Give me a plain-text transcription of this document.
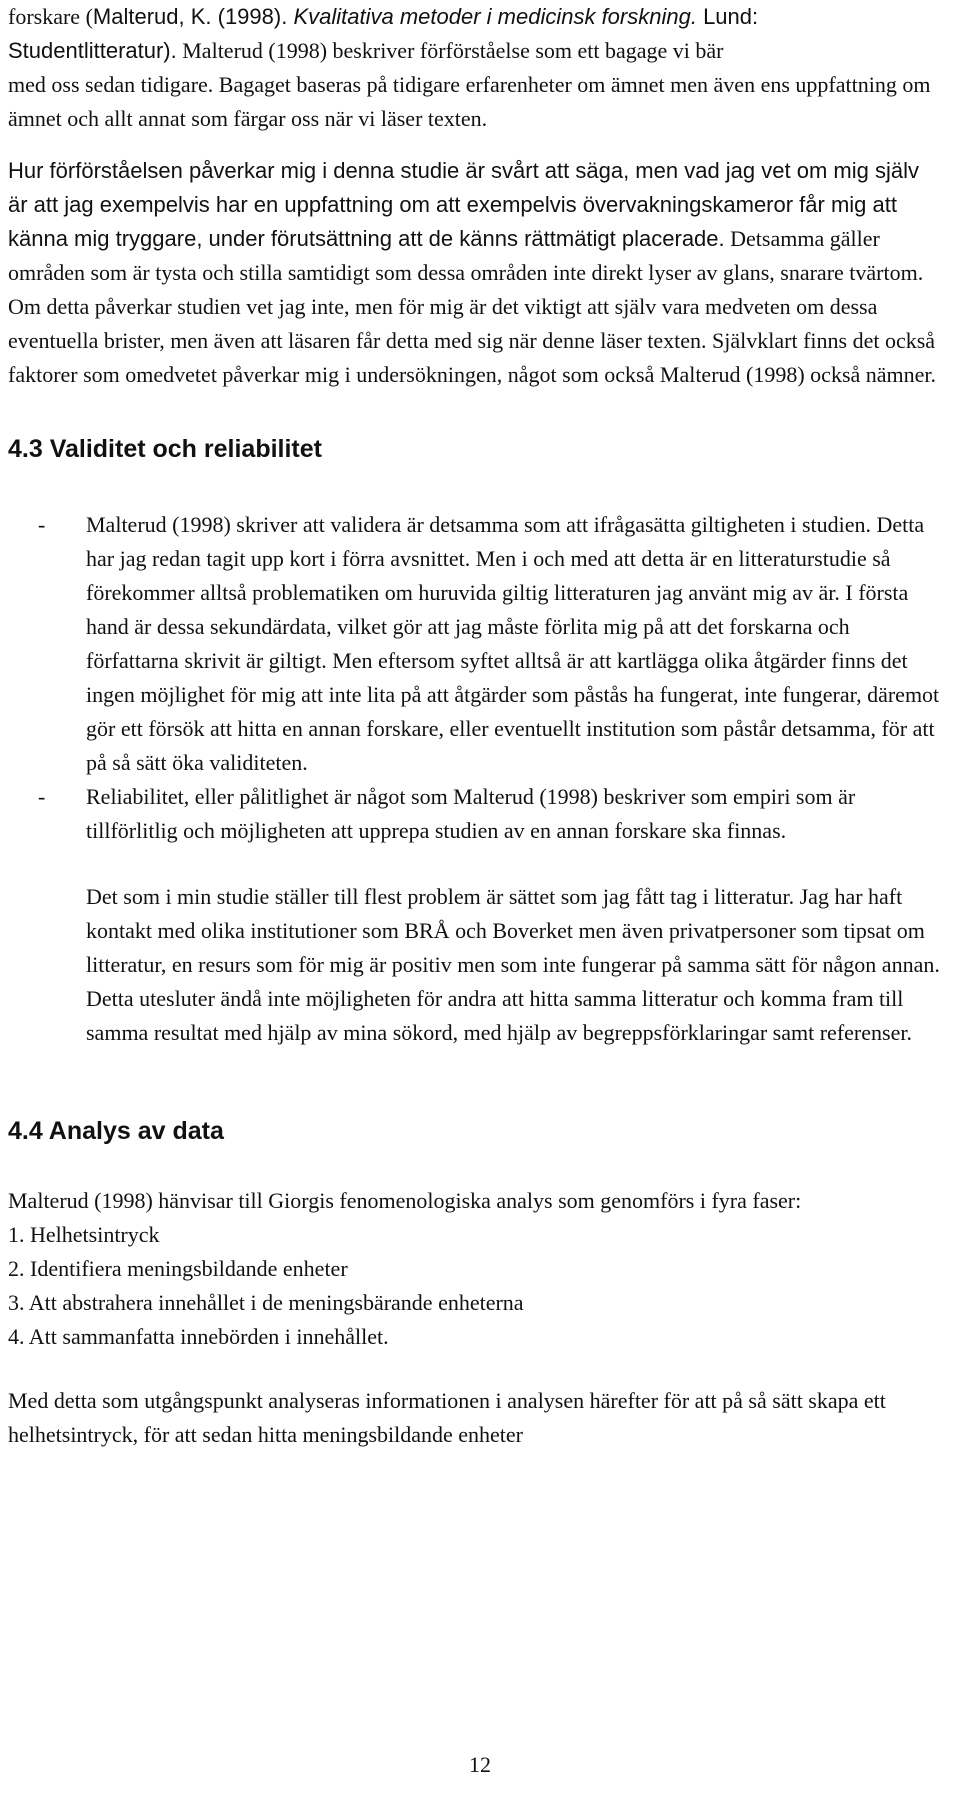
forskare (Malterud, K. (1998). Kvalitativa metoder i medicinsk forskning. Lund:

Studentlitteratur). Malterud (1998) beskriver förförståelse som ett bagage vi bär

med oss sedan tidigare. Bagaget baseras på tidigare erfarenheter om ämnet men även ens uppfattning om ämnet och allt annat som färgar oss när vi läser texten.

Hur förförståelsen påverkar mig i denna studie är svårt att säga, men vad jag vet om mig själv är att jag exempelvis har en uppfattning om att exempelvis övervakningskameror får mig att känna mig tryggare, under förutsättning att de känns rättmätigt placerade. Detsamma gäller områden som är tysta och stilla samtidigt som dessa områden inte direkt lyser av glans, snarare tvärtom. Om detta påverkar studien vet jag inte, men för mig är det viktigt att själv vara medveten om dessa eventuella brister, men även att läsaren får detta med sig när denne läser texten. Självklart finns det också faktorer som omedvetet påverkar mig i undersökningen, något som också Malterud (1998) också nämner.

4.3 Validitet och reliabilitet
- Malterud (1998) skriver att validera är detsamma som att ifrågasätta giltigheten i studien. Detta har jag redan tagit upp kort i förra avsnittet. Men i och med att detta är en litteraturstudie så förekommer alltså problematiken om huruvida giltig litteraturen jag använt mig av är. I första hand är dessa sekundärdata, vilket gör att jag måste förlita mig på att det forskarna och författarna skrivit är giltigt. Men eftersom syftet alltså är att kartlägga olika åtgärder finns det ingen möjlighet för mig att inte lita på att åtgärder som påstås ha fungerat, inte fungerar, däremot gör ett försök att hitta en annan forskare, eller eventuellt institution som påstår detsamma, för att på så sätt öka validiteten.
- Reliabilitet, eller pålitlighet är något som Malterud (1998) beskriver som empiri som är tillförlitlig och möjligheten att upprepa studien av en annan forskare ska finnas.

Det som i min studie ställer till flest problem är sättet som jag fått tag i litteratur. Jag har haft kontakt med olika institutioner som BRÅ och Boverket men även privatpersoner som tipsat om litteratur, en resurs som för mig är positiv men som inte fungerar på samma sätt för någon annan. Detta utesluter ändå inte möjligheten för andra att hitta samma litteratur och komma fram till samma resultat med hjälp av mina sökord, med hjälp av begreppsförklaringar samt referenser.

4.4 Analys av data

Malterud (1998) hänvisar till Giorgis fenomenologiska analys som genomförs i fyra faser:

1. Helhetsintryck

2. Identifiera meningsbildande enheter

3. Att abstrahera innehållet i de meningsbärande enheterna

4. Att sammanfatta innebörden i innehållet.

Med detta som utgångspunkt analyseras informationen i analysen härefter för att på så sätt skapa ett helhetsintryck, för att sedan hitta meningsbildande enheter

12
